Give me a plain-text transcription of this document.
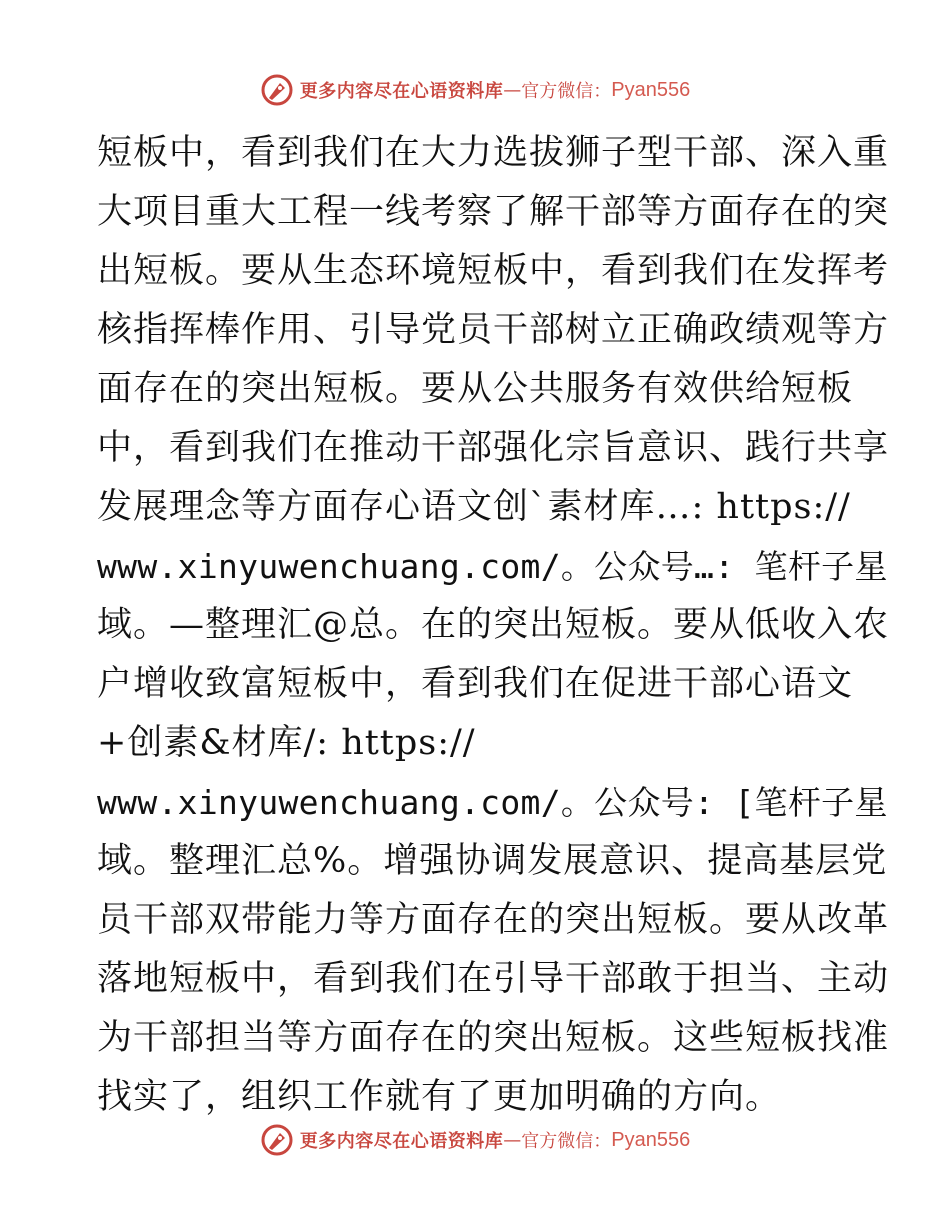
更多内容尽在心语资料库 — 官方微信： Pyan556
短板中，看到我们在大力选拔狮子型干部、深入重
大项目重大工程一线考察了解干部等方面存在的突
出短板。要从生态环境短板中，看到我们在发挥考
核指挥棒作用、引导党员干部树立正确政绩观等方
面存在的突出短板。要从公共服务有效供给短板
中，看到我们在推动干部强化宗旨意识、践行共享
发展理念等方面存心语文创`素材库…: https://
www.xinyuwenchuang.com/。公众号…: 笔杆子星
域。—整理汇@总。在的突出短板。要从低收入农
户增收致富短板中，看到我们在促进干部心语文
+创素&材库/: https://
www.xinyuwenchuang.com/。公众号: [笔杆子星
域。整理汇总%。增强协调发展意识、提高基层党
员干部双带能力等方面存在的突出短板。要从改革
落地短板中，看到我们在引导干部敢于担当、主动
为干部担当等方面存在的突出短板。这些短板找准
找实了，组织工作就有了更加明确的方向。
更多内容尽在心语资料库 — 官方微信： Pyan556
